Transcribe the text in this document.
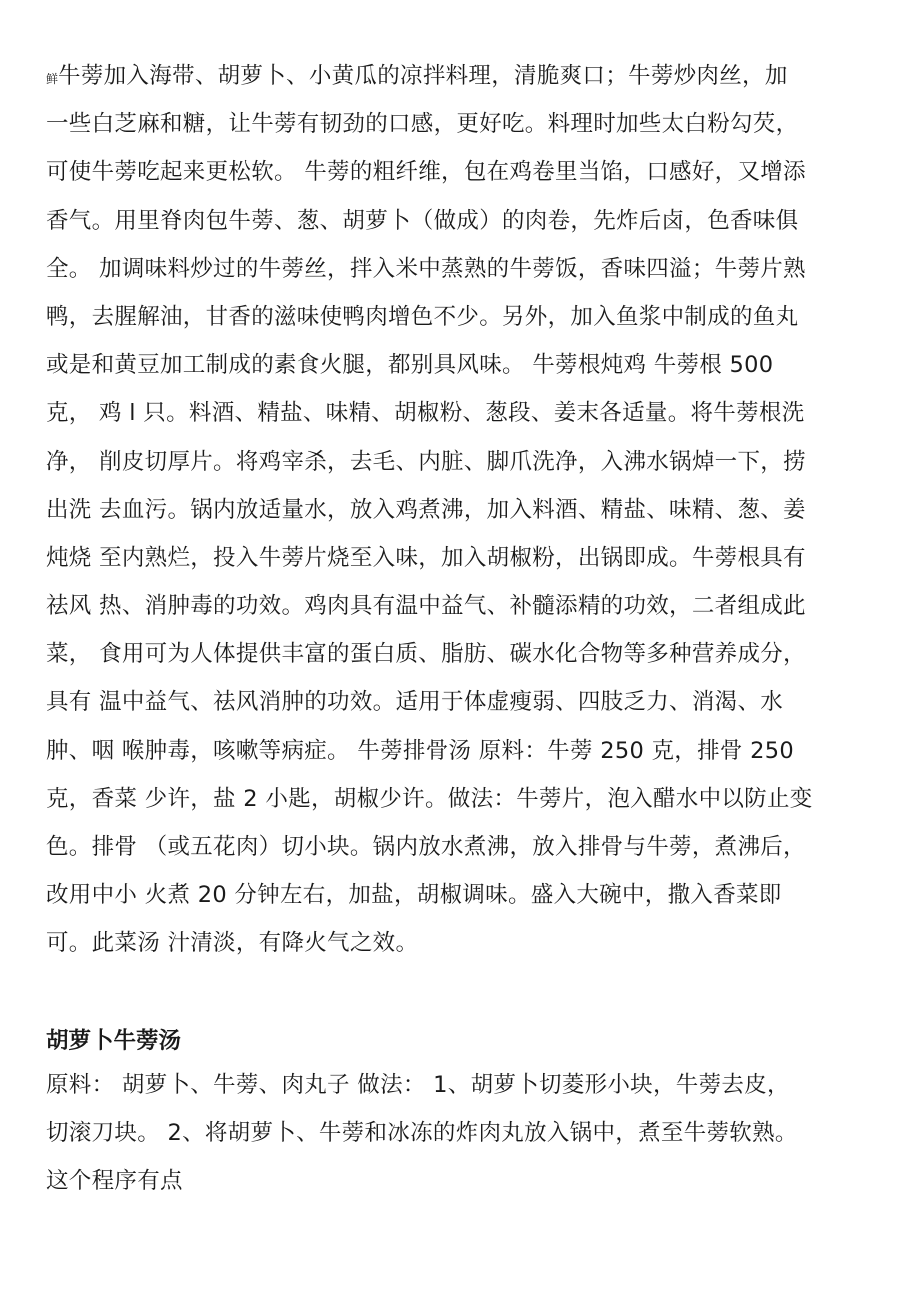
鲜牛蒡加入海带、胡萝卜、小黄瓜的凉拌料理，清脆爽口；牛蒡炒肉丝，加
一些白芝麻和糖，让牛蒡有韧劲的口感，更好吃。料理时加些太白粉勾芡，
可使牛蒡吃起来更松软。 牛蒡的粗纤维，包在鸡卷里当馅，口感好，又增添
香气。用里脊肉包牛蒡、葱、胡萝卜（做成）的肉卷，先炸后卤，色香味俱
全。 加调味料炒过的牛蒡丝，拌入米中蒸熟的牛蒡饭，香味四溢；牛蒡片熟
鸭，去腥解油，甘香的滋味使鸭肉增色不少。另外，加入鱼浆中制成的鱼丸
或是和黄豆加工制成的素食火腿，都别具风味。 牛蒡根炖鸡 牛蒡根 500
克， 鸡 l 只。料酒、精盐、味精、胡椒粉、葱段、姜末各适量。将牛蒡根洗
净， 削皮切厚片。将鸡宰杀，去毛、内脏、脚爪洗净，入沸水锅焯一下，捞
出洗 去血污。锅内放适量水，放入鸡煮沸，加入料酒、精盐、味精、葱、姜
炖烧 至内熟烂，投入牛蒡片烧至入味，加入胡椒粉，出锅即成。牛蒡根具有
祛风 热、消肿毒的功效。鸡肉具有温中益气、补髓添精的功效，二者组成此
菜， 食用可为人体提供丰富的蛋白质、脂肪、碳水化合物等多种营养成分，
具有 温中益气、祛风消肿的功效。适用于体虚瘦弱、四肢乏力、消渴、水
肿、咽 喉肿毒，咳嗽等病症。 牛蒡排骨汤 原料：牛蒡 250 克，排骨 250
克，香菜 少许，盐 2 小匙，胡椒少许。做法：牛蒡片，泡入醋水中以防止变
色。排骨 （或五花肉）切小块。锅内放水煮沸，放入排骨与牛蒡，煮沸后，
改用中小 火煮 20 分钟左右，加盐，胡椒调味。盛入大碗中，撒入香菜即
可。此菜汤 汁清淡，有降火气之效。
胡萝卜牛蒡汤
原料： 胡萝卜、牛蒡、肉丸子 做法： 1、胡萝卜切菱形小块，牛蒡去皮，
切滚刀块。 2、将胡萝卜、牛蒡和冰冻的炸肉丸放入锅中，煮至牛蒡软熟。
这个程序有点
